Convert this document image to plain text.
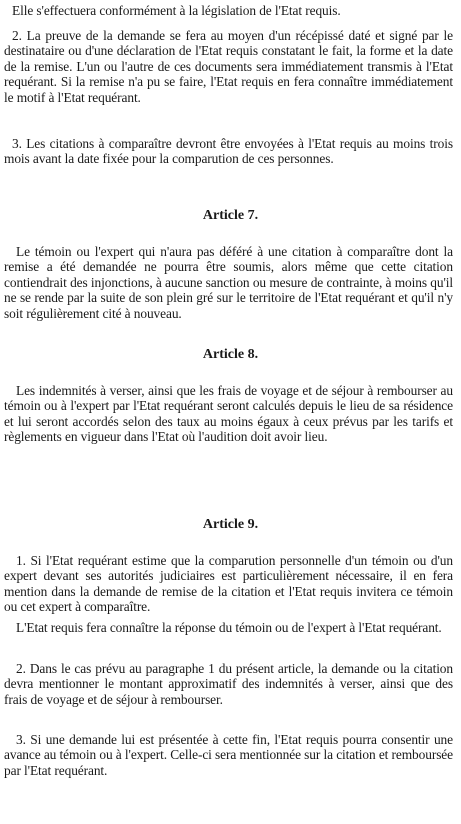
Elle s'effectuera conformément à la législation de l'Etat requis.

2. La preuve de la demande se fera au moyen d'un récépissé daté et signé par le destinataire ou d'une déclaration de l'Etat requis constatant le fait, la forme et la date de la remise. L'un ou l'autre de ces documents sera immédiatement transmis à l'Etat requérant. Si la remise n'a pu se faire, l'Etat requis en fera connaître immédiatement le motif à l'Etat requérant.

3. Les citations à comparaître devront être envoyées à l'Etat requis au moins trois mois avant la date fixée pour la comparution de ces personnes.

Article 7.

Le témoin ou l'expert qui n'aura pas déféré à une citation à comparaître dont la remise a été demandée ne pourra être soumis, alors même que cette citation contiendrait des injonctions, à aucune sanction ou mesure de contrainte, à moins qu'il ne se rende par la suite de son plein gré sur le territoire de l'Etat requérant et qu'il n'y soit régulièrement cité à nouveau.

Article 8.

Les indemnités à verser, ainsi que les frais de voyage et de séjour à rembourser au témoin ou à l'expert par l'Etat requérant seront calculés depuis le lieu de sa résidence et lui seront accordés selon des taux au moins égaux à ceux prévus par les tarifs et règlements en vigueur dans l'Etat où l'audition doit avoir lieu.

Article 9.

1. Si l'Etat requérant estime que la comparution personnelle d'un témoin ou d'un expert devant ses autorités judiciaires est particulièrement nécessaire, il en fera mention dans la demande de remise de la citation et l'Etat requis invitera ce témoin ou cet expert à comparaître.

L'Etat requis fera connaître la réponse du témoin ou de l'expert à l'Etat requérant.

2. Dans le cas prévu au paragraphe 1 du présent article, la demande ou la citation devra mentionner le montant approximatif des indemnités à verser, ainsi que des frais de voyage et de séjour à rembourser.

3. Si une demande lui est présentée à cette fin, l'Etat requis pourra consentir une avance au témoin ou à l'expert. Celle-ci sera mentionnée sur la citation et remboursée par l'Etat requérant.
